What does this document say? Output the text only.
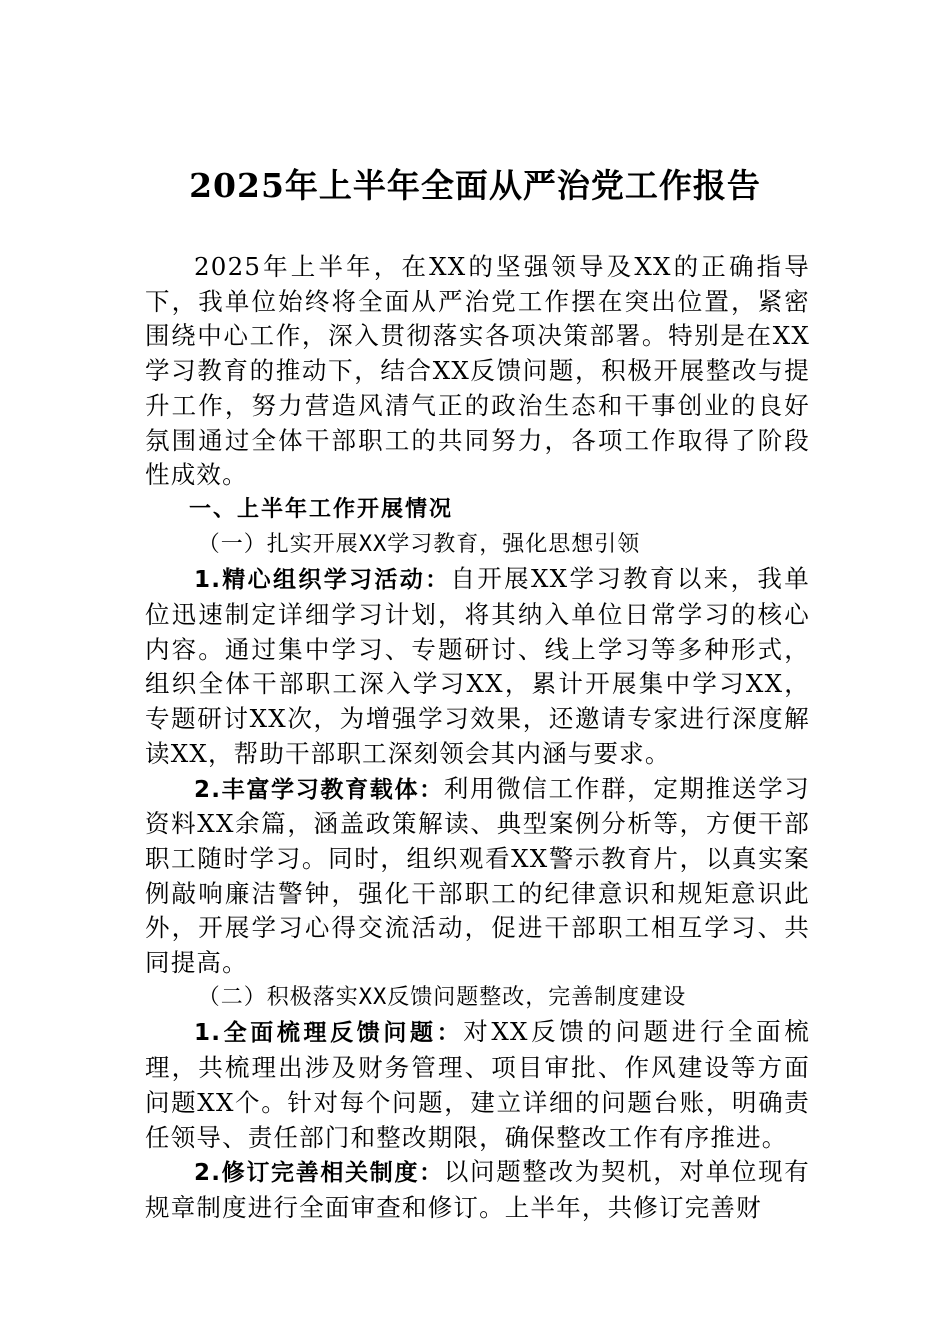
2025年上半年全面从严治党工作报告

2025年上半年，在XX的坚强领导及XX的正确指导下，我单位始终将全面从严治党工作摆在突出位置，紧密围绕中心工作，深入贯彻落实各项决策部署。特别是在XX学习教育的推动下，结合XX反馈问题，积极开展整改与提升工作，努力营造风清气正的政治生态和干事创业的良好氛围通过全体干部职工的共同努力，各项工作取得了阶段性成效。

一、上半年工作开展情况

（一）扎实开展XX学习教育，强化思想引领

1.精心组织学习活动：自开展XX学习教育以来，我单位迅速制定详细学习计划，将其纳入单位日常学习的核心内容。通过集中学习、专题研讨、线上学习等多种形式，组织全体干部职工深入学习XX，累计开展集中学习XX，专题研讨XX次，为增强学习效果，还邀请专家进行深度解读XX，帮助干部职工深刻领会其内涵与要求。

2.丰富学习教育载体：利用微信工作群，定期推送学习资料XX余篇，涵盖政策解读、典型案例分析等，方便干部职工随时学习。同时，组织观看XX警示教育片，以真实案例敲响廉洁警钟，强化干部职工的纪律意识和规矩意识此外，开展学习心得交流活动，促进干部职工相互学习、共同提高。

（二）积极落实XX反馈问题整改，完善制度建设

1.全面梳理反馈问题：对XX反馈的问题进行全面梳理，共梳理出涉及财务管理、项目审批、作风建设等方面问题XX个。针对每个问题，建立详细的问题台账，明确责任领导、责任部门和整改期限，确保整改工作有序推进。

2.修订完善相关制度：以问题整改为契机，对单位现有规章制度进行全面审查和修订。上半年，共修订完善财
